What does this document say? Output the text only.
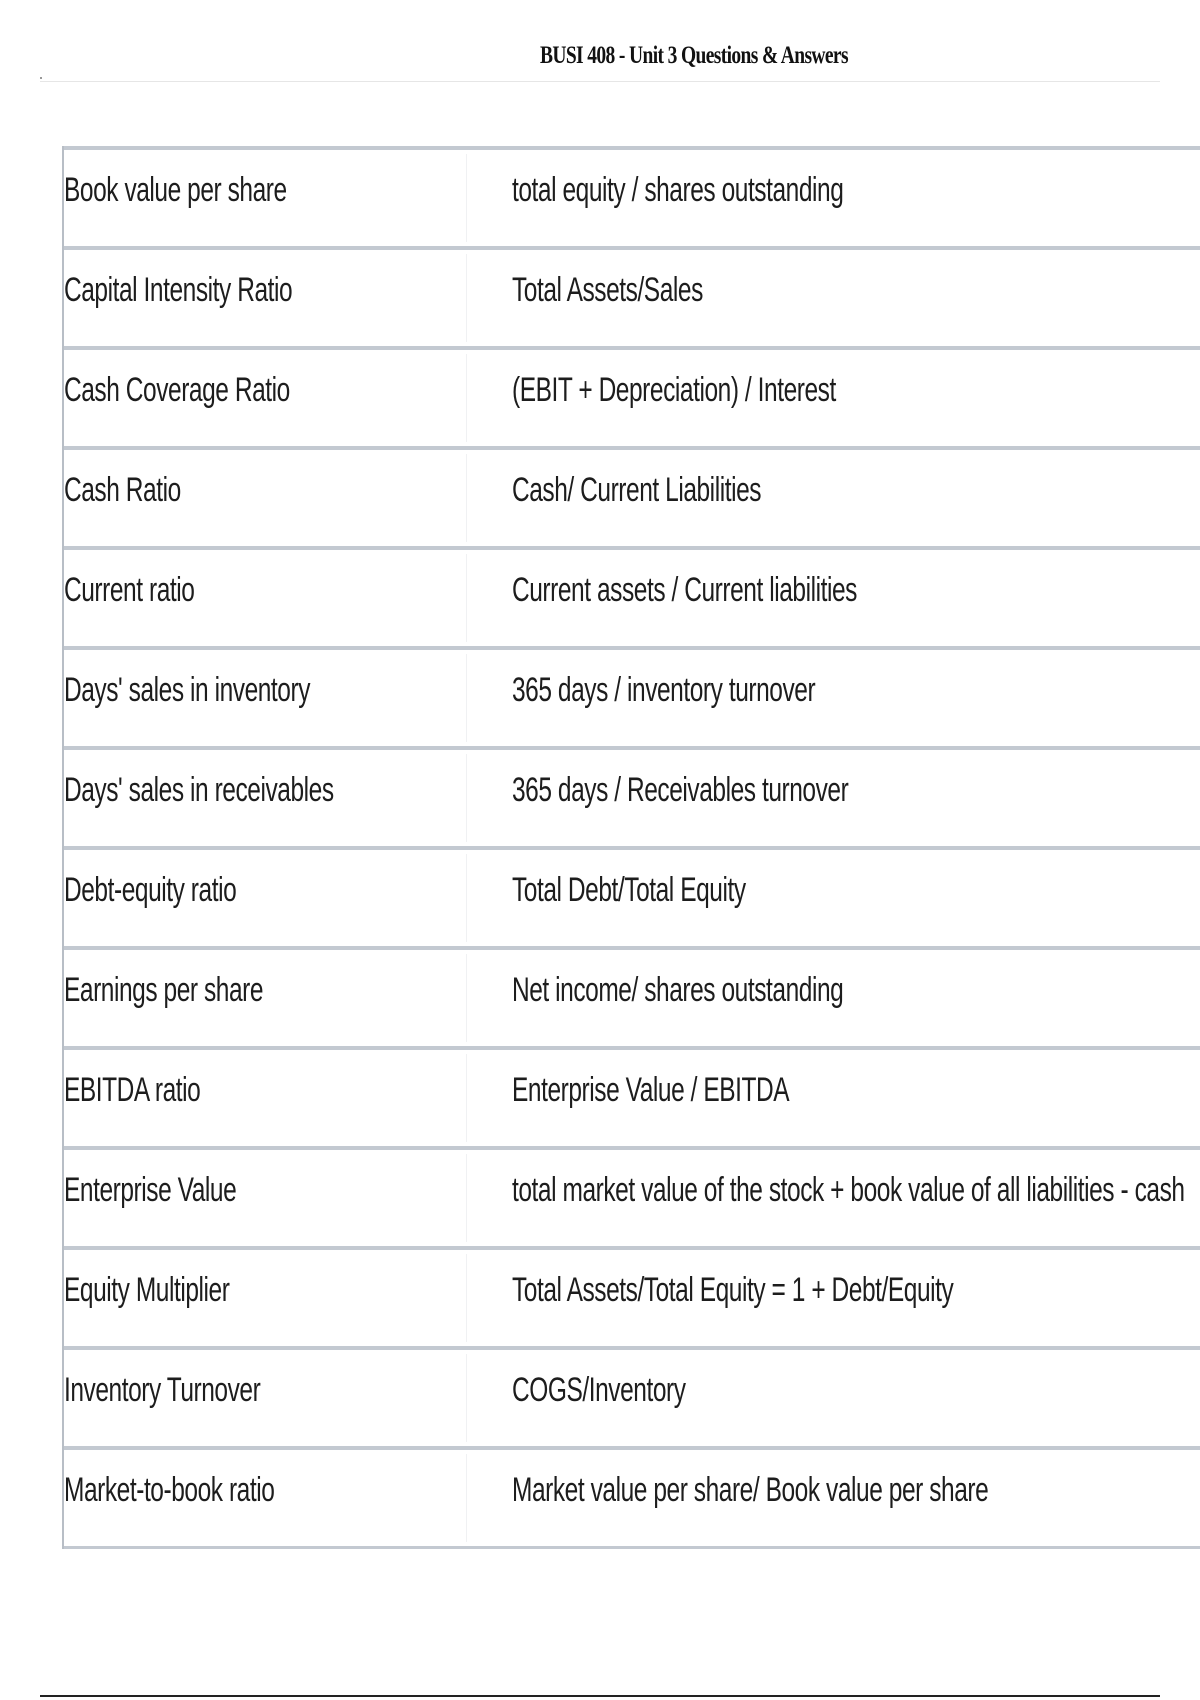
BUSI 408 - Unit 3 Questions & Answers
Book value per share	total equity / shares outstanding
Capital Intensity Ratio	Total Assets/Sales
Cash Coverage Ratio	(EBIT + Depreciation) / Interest
Cash Ratio	Cash/ Current Liabilities
Current ratio	Current assets / Current liabilities
Days' sales in inventory	365 days / inventory turnover
Days' sales in receivables	365 days / Receivables turnover
Debt-equity ratio	Total Debt/Total Equity
Earnings per share	Net income/ shares outstanding
EBITDA ratio	Enterprise Value / EBITDA
Enterprise Value	total market value of the stock + book value of all liabilities - cash
Equity Multiplier	Total Assets/Total Equity = 1 + Debt/Equity
Inventory Turnover	COGS/Inventory
Market-to-book ratio	Market value per share/ Book value per share
